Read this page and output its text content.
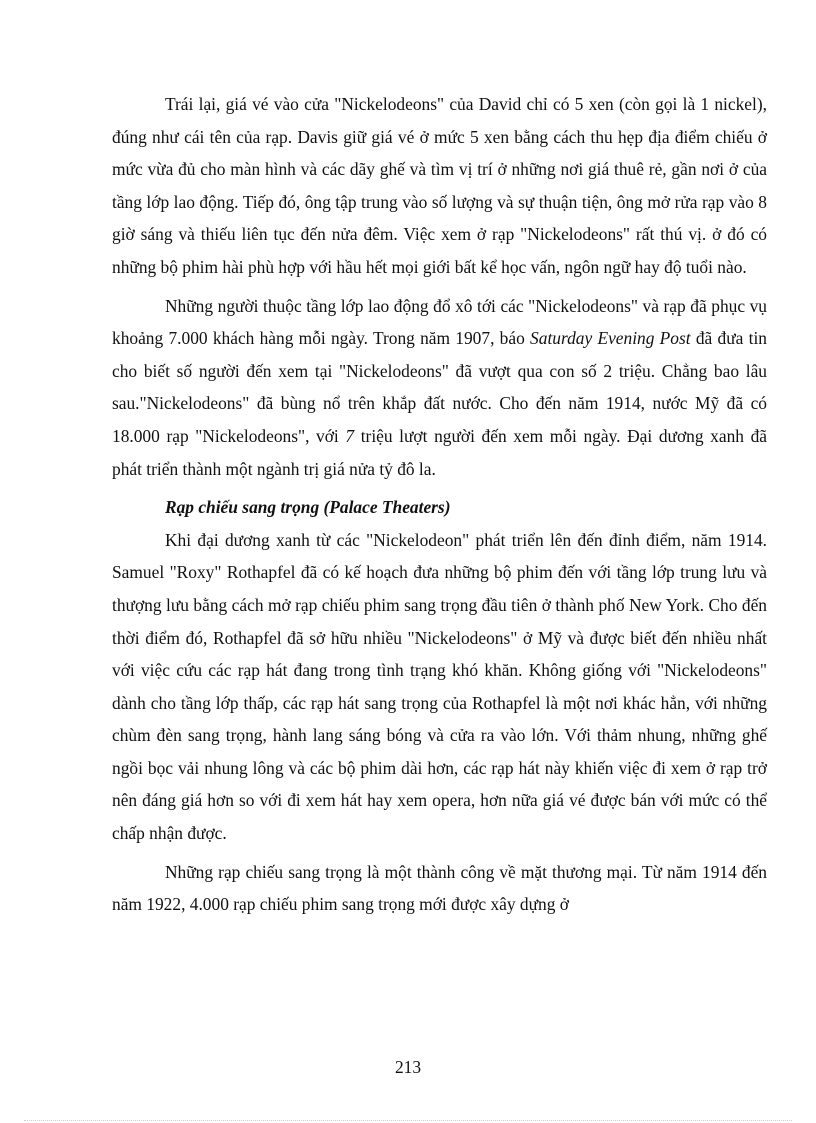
Trái lại, giá vé vào cửa "Nickelodeons" của David chỉ có 5 xen (còn gọi là 1 nickel), đúng như cái tên của rạp. Davis giữ giá vé ở mức 5 xen bằng cách thu hẹp địa điểm chiếu ở mức vừa đủ cho màn hình và các dãy ghế và tìm vị trí ở những nơi giá thuê rẻ, gần nơi ở của tầng lớp lao động. Tiếp đó, ông tập trung vào số lượng và sự thuận tiện, ông mở rửa rạp vào 8 giờ sáng và thiếu liên tục đến nửa đêm. Việc xem ở rạp "Nickelodeons" rất thú vị. ở đó có những bộ phim hài phù hợp với hầu hết mọi giới bất kể học vấn, ngôn ngữ hay độ tuổi nào.

Những người thuộc tầng lớp lao động đổ xô tới các "Nickelodeons" và rạp đã phục vụ khoảng 7.000 khách hàng mỗi ngày. Trong năm 1907, báo Saturday Evening Post đã đưa tin cho biết số người đến xem tại "Nickelodeons" đã vượt qua con số 2 triệu. Chẳng bao lâu sau."Nickelodeons" đã bùng nổ trên khắp đất nước. Cho đến năm 1914, nước Mỹ đã có 18.000 rạp "Nickelodeons", với 7 triệu lượt người đến xem mỗi ngày. Đại dương xanh đã phát triển thành một ngành trị giá nửa tỷ đô la.

Rạp chiếu sang trọng (Palace Theaters)

Khi đại dương xanh từ các "Nickelodeon" phát triển lên đến đỉnh điểm, năm 1914. Samuel "Roxy" Rothapfel đã có kế hoạch đưa những bộ phim đến với tầng lớp trung lưu và thượng lưu bằng cách mở rạp chiếu phim sang trọng đầu tiên ở thành phố New York. Cho đến thời điểm đó, Rothapfel đã sở hữu nhiều "Nickelodeons" ở Mỹ và được biết đến nhiều nhất với việc cứu các rạp hát đang trong tình trạng khó khăn. Không giống với "Nickelodeons" dành cho tầng lớp thấp, các rạp hát sang trọng của Rothapfel là một nơi khác hẳn, với những chùm đèn sang trọng, hành lang sáng bóng và cửa ra vào lớn. Với thảm nhung, những ghế ngồi bọc vải nhung lông và các bộ phim dài hơn, các rạp hát này khiến việc đi xem ở rạp trở nên đáng giá hơn so với đi xem hát hay xem opera, hơn nữa giá vé được bán với mức có thể chấp nhận được.

Những rạp chiếu sang trọng là một thành công về mặt thương mại. Từ năm 1914 đến năm 1922, 4.000 rạp chiếu phim sang trọng mới được xây dựng ở

213
